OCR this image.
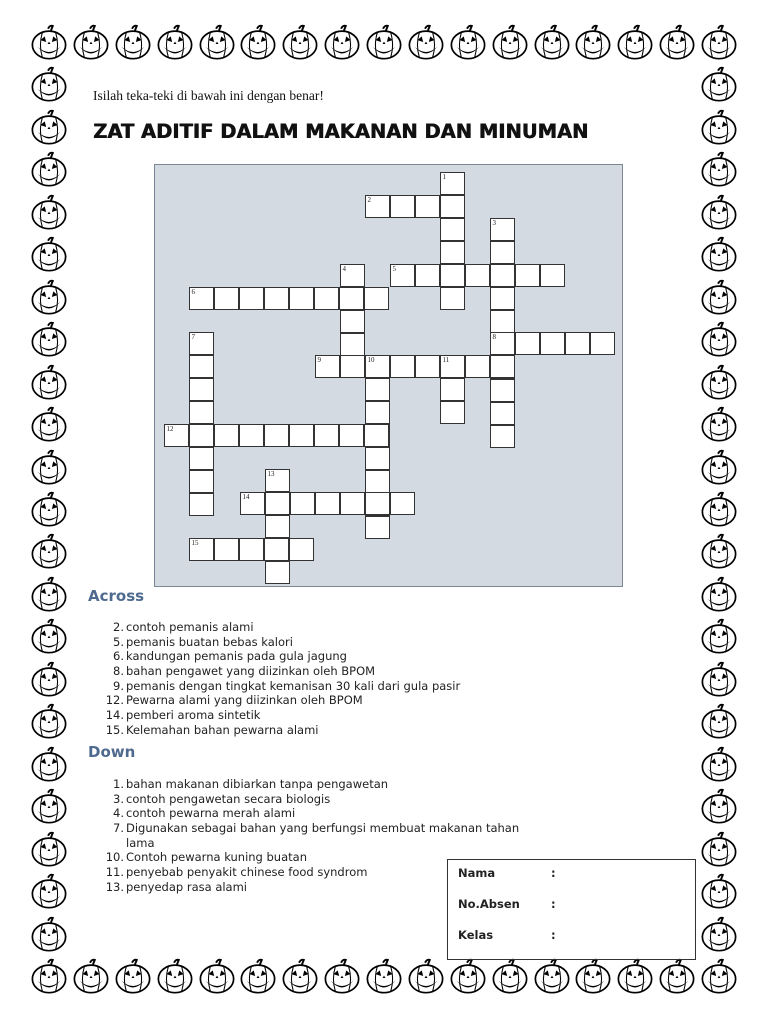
Isilah teka-teki di bawah ini dengan benar!
ZAT ADITIF DALAM MAKANAN DAN MINUMAN
1
2
3
4	5
6
7	8
9	10	11
12
13
14
15
Across
2. contoh pemanis alami
5. pemanis buatan bebas kalori
6. kandungan pemanis pada gula jagung
8. bahan pengawet yang diizinkan oleh BPOM
9. pemanis dengan tingkat kemanisan 30 kali dari gula pasir
12. Pewarna alami yang diizinkan oleh BPOM
14. pemberi aroma sintetik
15. Kelemahan bahan pewarna alami
Down
1. bahan makanan dibiarkan tanpa pengawetan
3. contoh pengawetan secara biologis
4. contoh pewarna merah alami
7. Digunakan sebagai bahan yang berfungsi membuat makanan tahan
lama
10. Contoh pewarna kuning buatan
11. penyebab penyakit chinese food syndrom
13. penyedap rasa alami
Nama	:
No.Absen	:
Kelas	:
